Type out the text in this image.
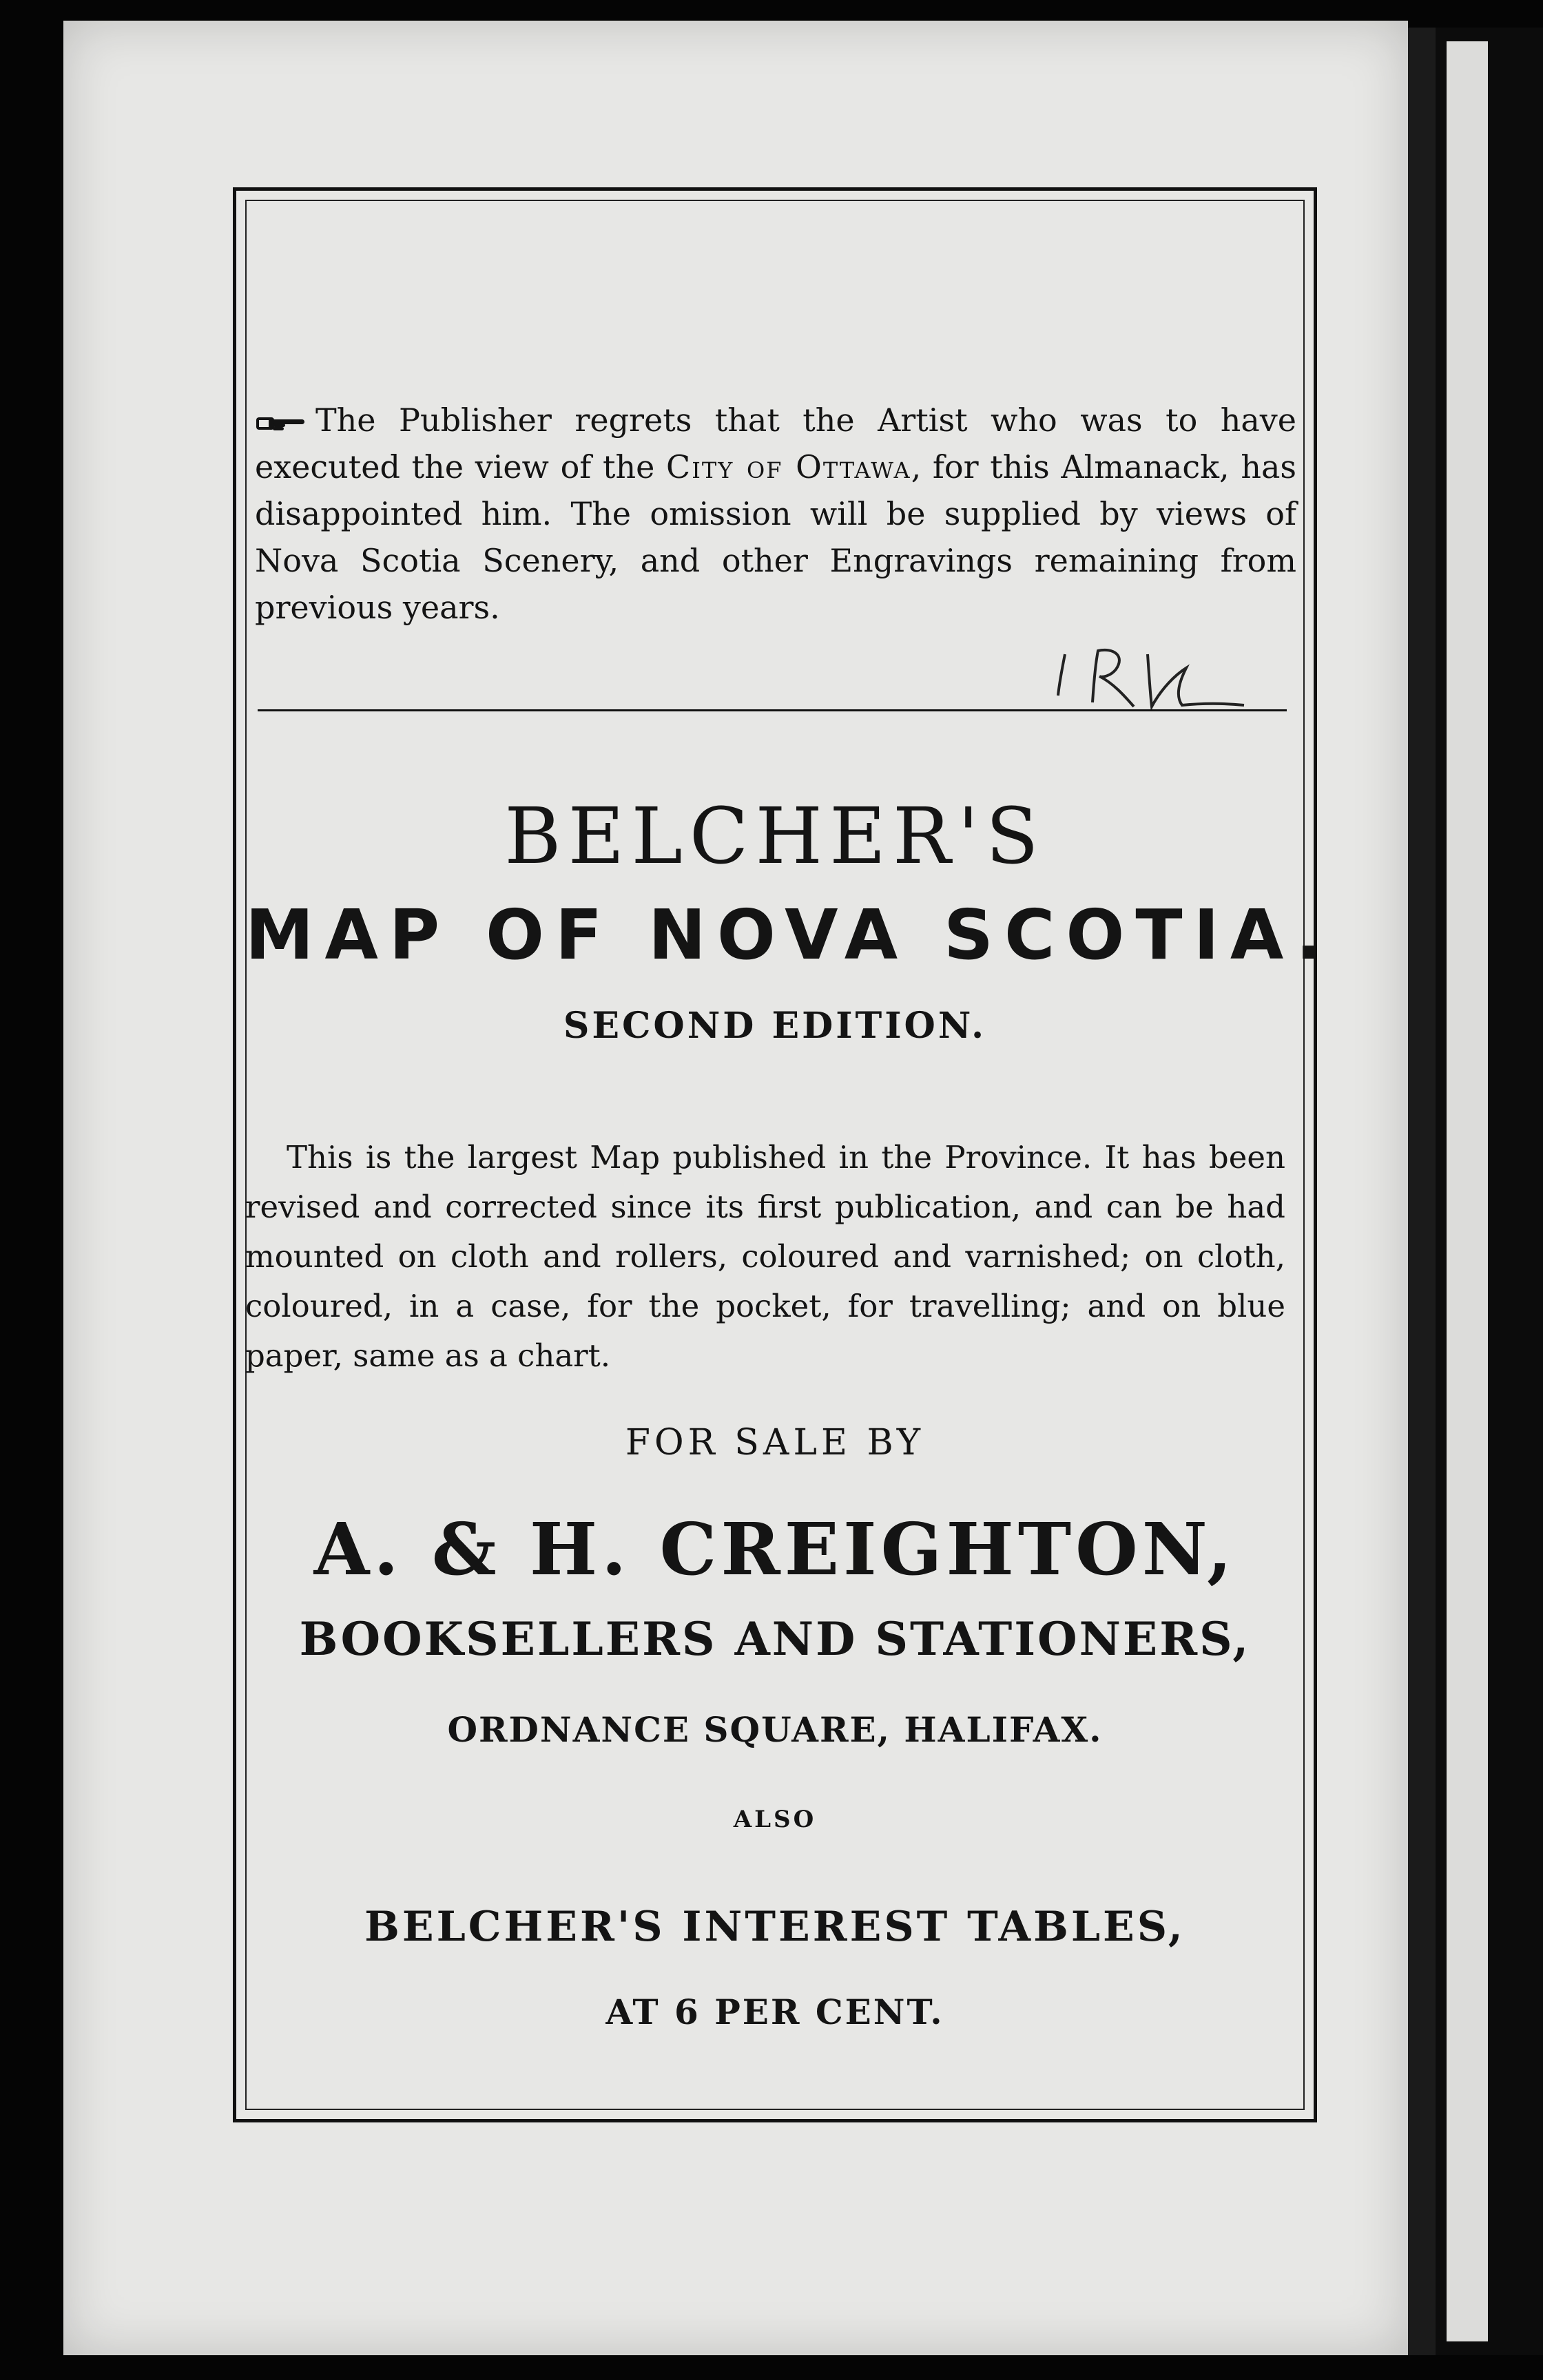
The Publisher regrets that the Artist who was to have executed the view of the City of Ottawa, for this Almanack, has disappointed him. The omission will be supplied by views of Nova Scotia Scenery, and other Engravings remaining from previous years.

BELCHER'S
MAP OF NOVA SCOTIA.
SECOND EDITION.

This is the largest Map published in the Province. It has been revised and corrected since its first publication, and can be had mounted on cloth and rollers, coloured and varnished; on cloth, coloured, in a case, for the pocket, for travelling; and on blue paper, same as a chart.

FOR SALE BY
A. & H. CREIGHTON,
BOOKSELLERS AND STATIONERS,
ORDNANCE SQUARE, HALIFAX.
ALSO
BELCHER'S INTEREST TABLES,
AT 6 PER CENT.
